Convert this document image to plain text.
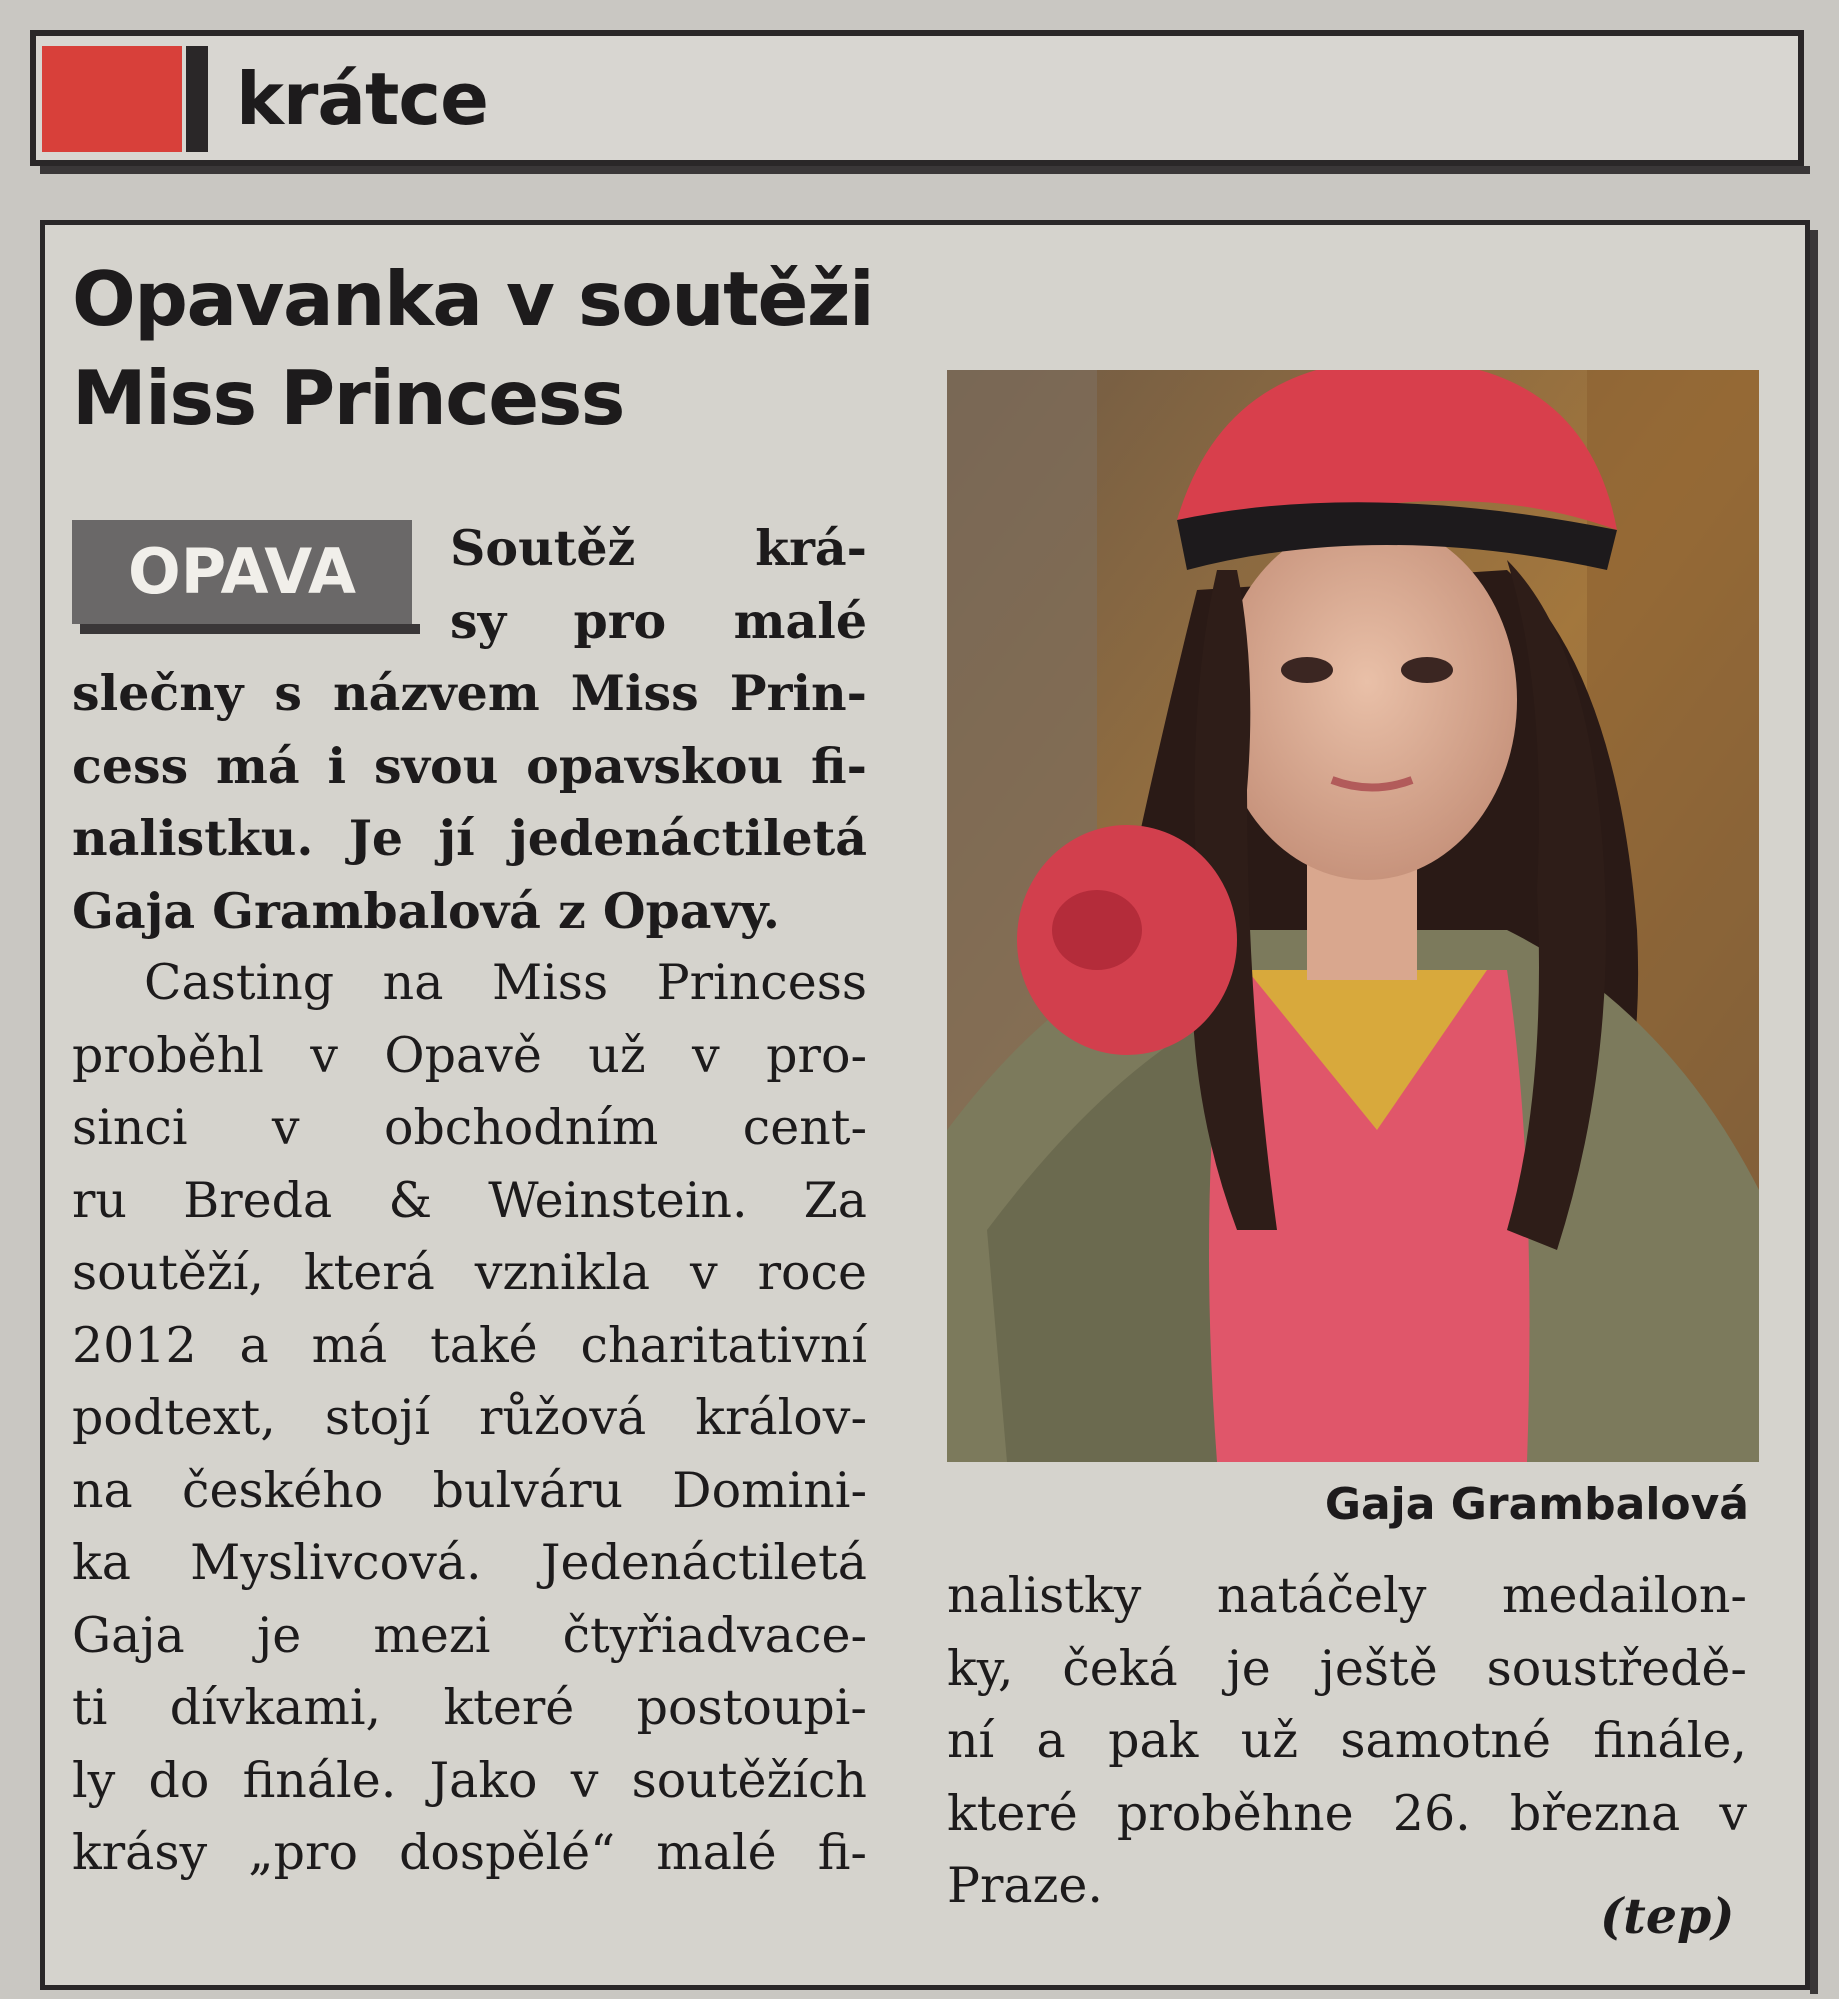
krátce
Opavanka v soutěži
Miss Princess
OPAVA	Soutěž krá-
sy pro malé
slečny s názvem Miss Prin-
cess má i svou opavskou fi-
nalistku. Je jí jedenáctiletá
Gaja Grambalová z Opavy.
Casting na Miss Princess
proběhl v Opavě už v pro-
sinci v obchodním cent-
ru Breda & Weinstein. Za
soutěží, která vznikla v roce
2012 a má také charitativní
podtext, stojí růžová králov-
na českého bulváru Domini-
ka Myslivcová. Jedenáctiletá
Gaja je mezi čtyřiadvace-
ti dívkami, které postoupi-
ly do finále. Jako v soutěžích
krásy „pro dospělé“ malé fi-
Gaja Grambalová
nalistky natáčely medailon-
ky, čeká je ještě soustředě-
ní a pak už samotné finále,
které proběhne 26. března v
Praze.
(tep)
